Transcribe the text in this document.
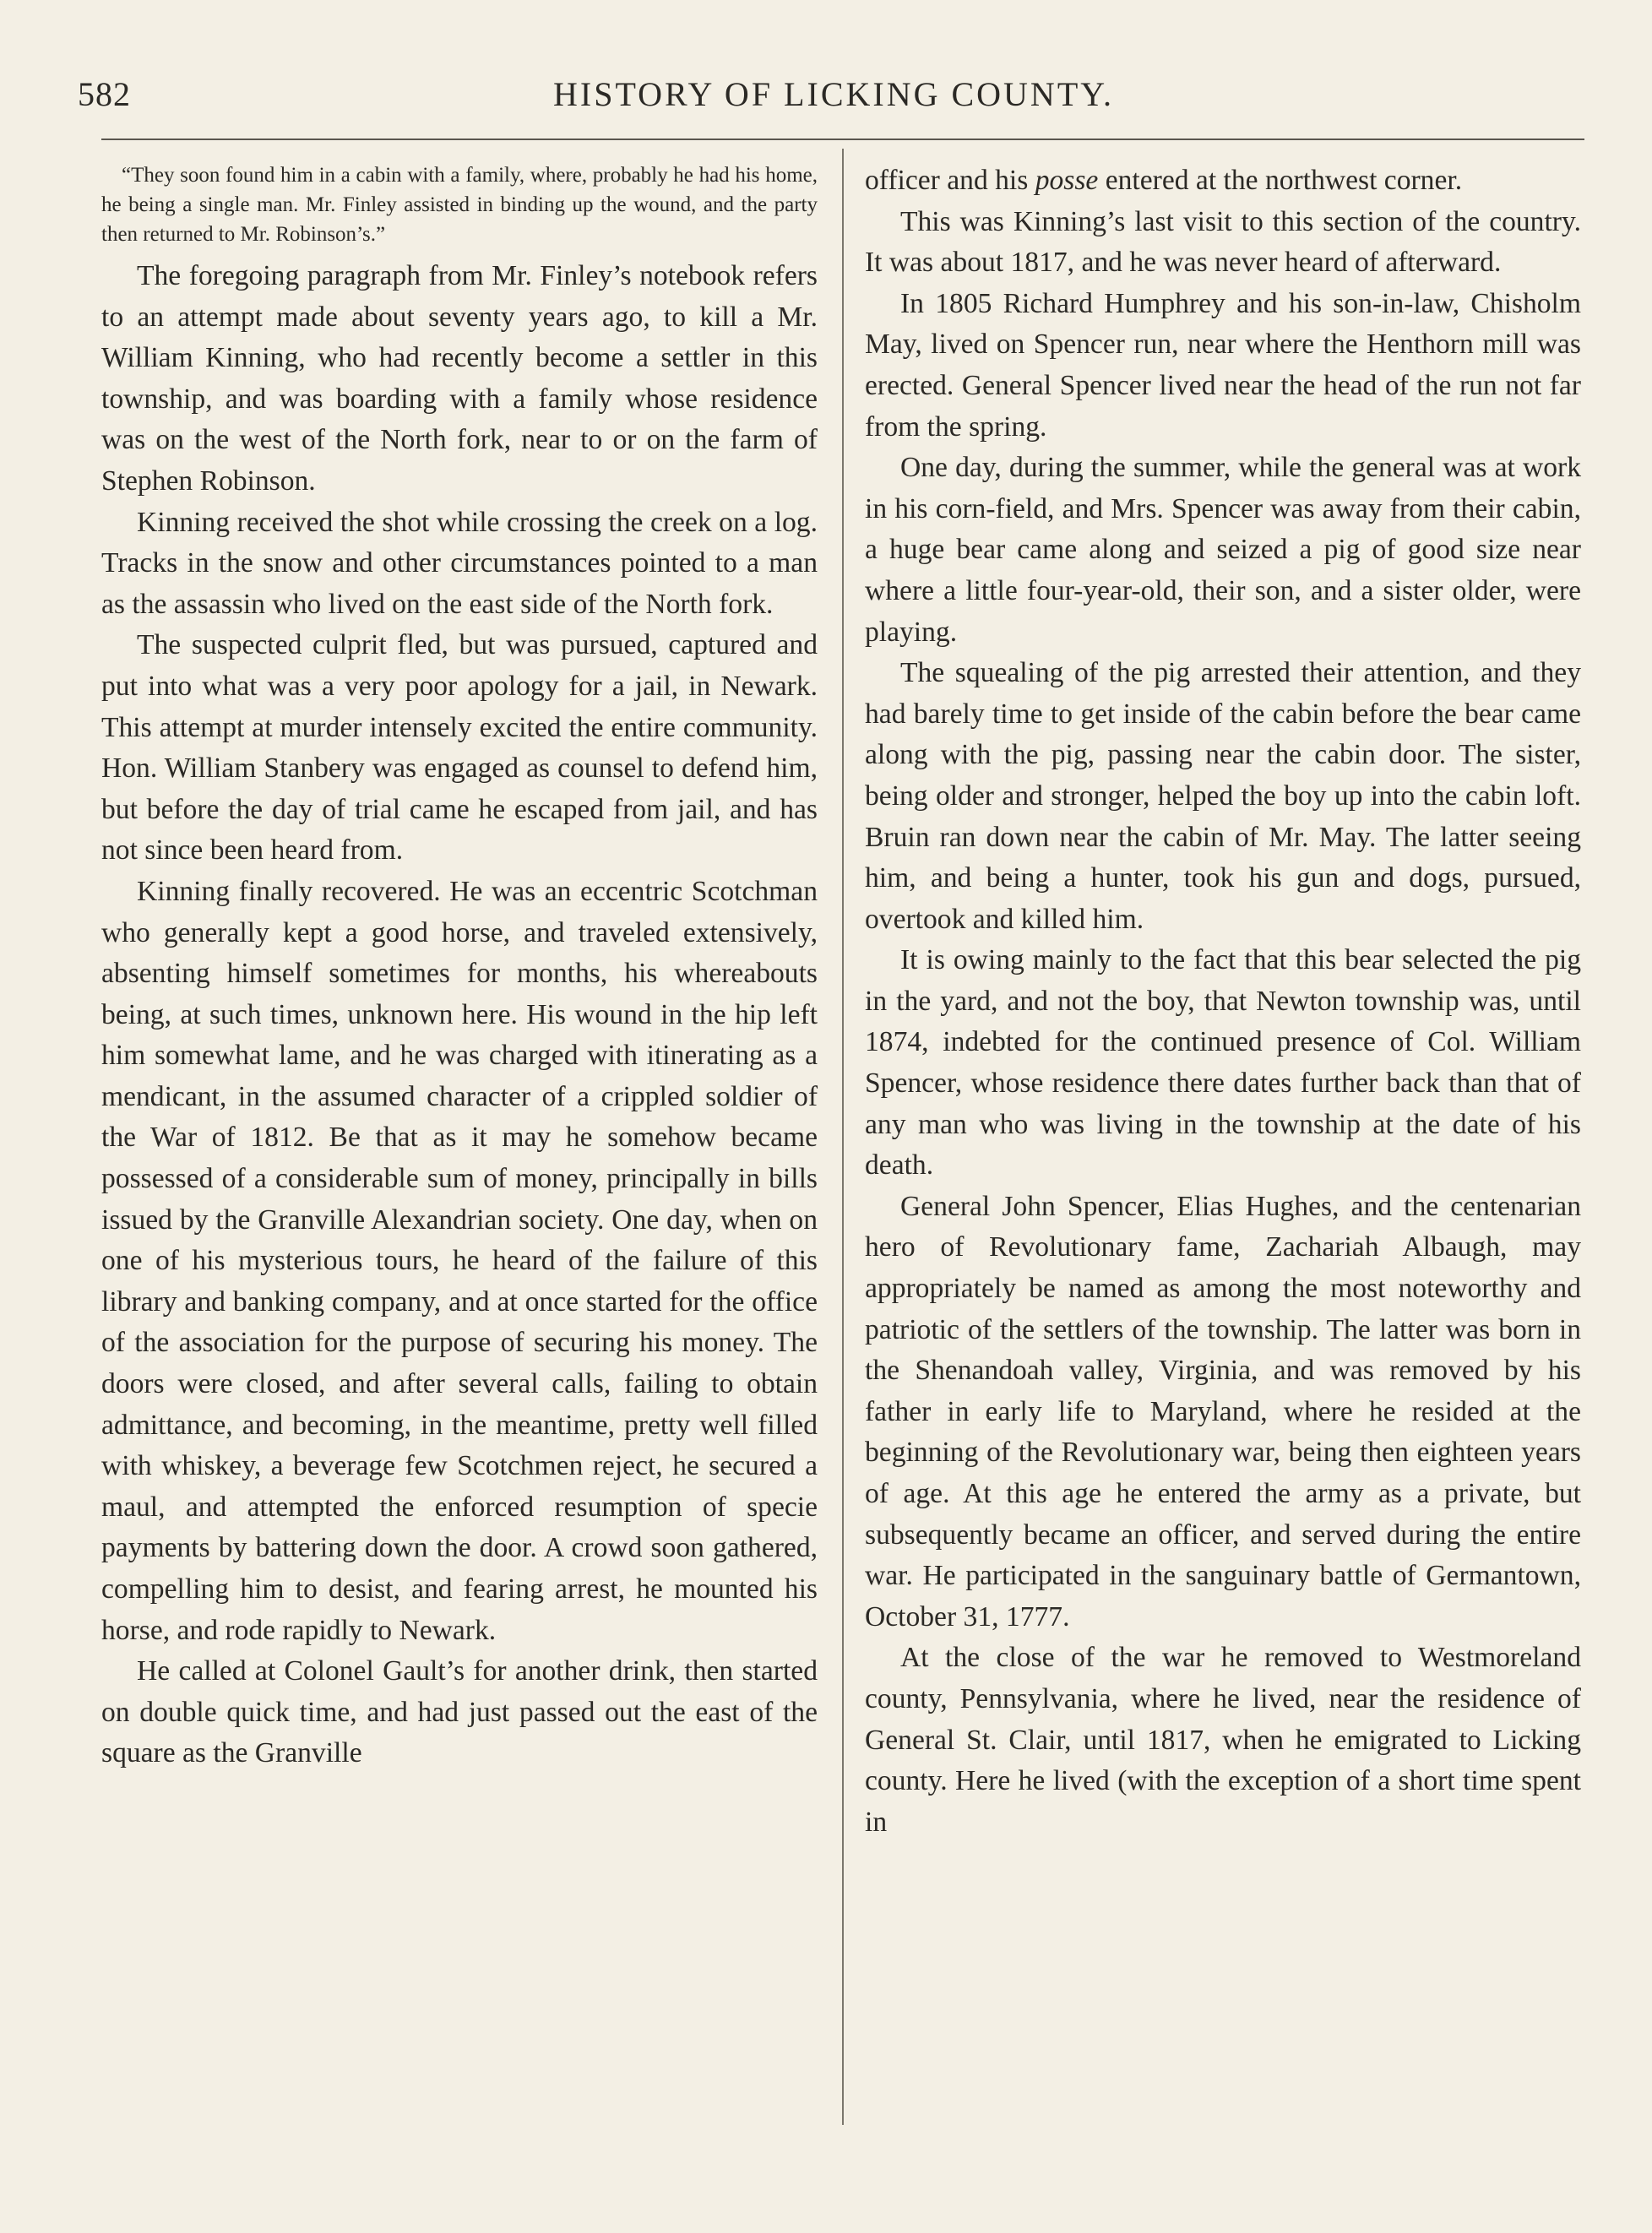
582	HISTORY OF LICKING COUNTY.

“They soon found him in a cabin with a family, where, probably he had his home, he being a single man. Mr. Finley assisted in binding up the wound, and the party then returned to Mr. Robinson’s.”

The foregoing paragraph from Mr. Finley’s notebook refers to an attempt made about seventy years ago, to kill a Mr. William Kinning, who had recently become a settler in this township, and was boarding with a family whose residence was on the west of the North fork, near to or on the farm of Stephen Robinson.

Kinning received the shot while crossing the creek on a log. Tracks in the snow and other circumstances pointed to a man as the assassin who lived on the east side of the North fork.

The suspected culprit fled, but was pursued, captured and put into what was a very poor apology for a jail, in Newark. This attempt at murder intensely excited the entire community. Hon. William Stanbery was engaged as counsel to defend him, but before the day of trial came he escaped from jail, and has not since been heard from.

Kinning finally recovered. He was an eccentric Scotchman who generally kept a good horse, and traveled extensively, absenting himself sometimes for months, his whereabouts being, at such times, unknown here. His wound in the hip left him somewhat lame, and he was charged with itinerating as a mendicant, in the assumed character of a crippled soldier of the War of 1812. Be that as it may he somehow became possessed of a considerable sum of money, principally in bills issued by the Granville Alexandrian society. One day, when on one of his mysterious tours, he heard of the failure of this library and banking company, and at once started for the office of the association for the purpose of securing his money. The doors were closed, and after several calls, failing to obtain admittance, and becoming, in the meantime, pretty well filled with whiskey, a beverage few Scotchmen reject, he secured a maul, and attempted the enforced resumption of specie payments by battering down the door. A crowd soon gathered, compelling him to desist, and fearing arrest, he mounted his horse, and rode rapidly to Newark.

He called at Colonel Gault’s for another drink, then started on double quick time, and had just passed out the east of the square as the Granville

officer and his posse entered at the northwest corner.

This was Kinning’s last visit to this section of the country. It was about 1817, and he was never heard of afterward.

In 1805 Richard Humphrey and his son-in-law, Chisholm May, lived on Spencer run, near where the Henthorn mill was erected. General Spencer lived near the head of the run not far from the spring.

One day, during the summer, while the general was at work in his corn-field, and Mrs. Spencer was away from their cabin, a huge bear came along and seized a pig of good size near where a little four-year-old, their son, and a sister older, were playing.

The squealing of the pig arrested their attention, and they had barely time to get inside of the cabin before the bear came along with the pig, passing near the cabin door. The sister, being older and stronger, helped the boy up into the cabin loft. Bruin ran down near the cabin of Mr. May. The latter seeing him, and being a hunter, took his gun and dogs, pursued, overtook and killed him.

It is owing mainly to the fact that this bear selected the pig in the yard, and not the boy, that Newton township was, until 1874, indebted for the continued presence of Col. William Spencer, whose residence there dates further back than that of any man who was living in the township at the date of his death.

General John Spencer, Elias Hughes, and the centenarian hero of Revolutionary fame, Zachariah Albaugh, may appropriately be named as among the most noteworthy and patriotic of the settlers of the township. The latter was born in the Shenandoah valley, Virginia, and was removed by his father in early life to Maryland, where he resided at the beginning of the Revolutionary war, being then eighteen years of age. At this age he entered the army as a private, but subsequently became an officer, and served during the entire war. He participated in the sanguinary battle of Germantown, October 31, 1777.

At the close of the war he removed to Westmoreland county, Pennsylvania, where he lived, near the residence of General St. Clair, until 1817, when he emigrated to Licking county. Here he lived (with the exception of a short time spent in
